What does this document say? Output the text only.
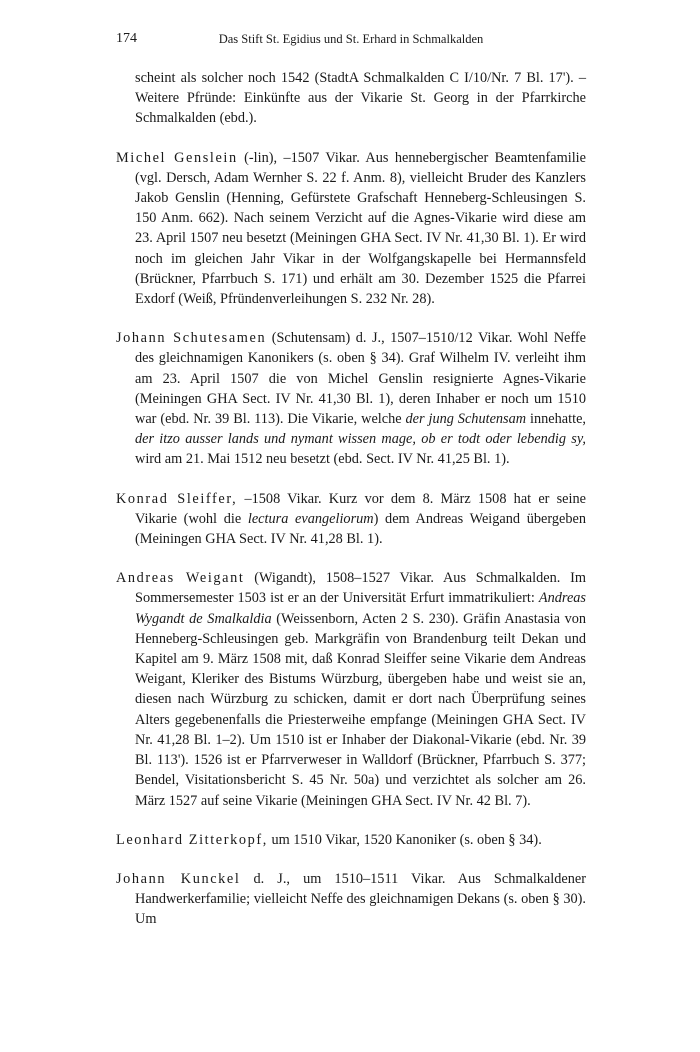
174	Das Stift St. Egidius und St. Erhard in Schmalkalden

scheint als solcher noch 1542 (StadtA Schmalkalden C I/10/Nr. 7 Bl. 17'). – Weitere Pfründe: Einkünfte aus der Vikarie St. Georg in der Pfarrkirche Schmalkalden (ebd.).

Michel Genslein (-lin), –1507 Vikar. Aus hennebergischer Beamtenfamilie (vgl. Dersch, Adam Wernher S. 22 f. Anm. 8), vielleicht Bruder des Kanzlers Jakob Genslin (Henning, Gefürstete Grafschaft Henneberg-Schleusingen S. 150 Anm. 662). Nach seinem Verzicht auf die Agnes-Vikarie wird diese am 23. April 1507 neu besetzt (Meiningen GHA Sect. IV Nr. 41,30 Bl. 1). Er wird noch im gleichen Jahr Vikar in der Wolfgangskapelle bei Hermannsfeld (Brückner, Pfarrbuch S. 171) und erhält am 30. Dezember 1525 die Pfarrei Exdorf (Weiß, Pfründenverleihungen S. 232 Nr. 28).

Johann Schutesamen (Schutensam) d. J., 1507–1510/12 Vikar. Wohl Neffe des gleichnamigen Kanonikers (s. oben § 34). Graf Wilhelm IV. verleiht ihm am 23. April 1507 die von Michel Genslin resignierte Agnes-Vikarie (Meiningen GHA Sect. IV Nr. 41,30 Bl. 1), deren Inhaber er noch um 1510 war (ebd. Nr. 39 Bl. 113). Die Vikarie, welche der jung Schutensam innehatte, der itzo ausser lands und nymant wissen mage, ob er todt oder lebendig sy, wird am 21. Mai 1512 neu besetzt (ebd. Sect. IV Nr. 41,25 Bl. 1).

Konrad Sleiffer, –1508 Vikar. Kurz vor dem 8. März 1508 hat er seine Vikarie (wohl die lectura evangeliorum) dem Andreas Weigand übergeben (Meiningen GHA Sect. IV Nr. 41,28 Bl. 1).

Andreas Weigant (Wigandt), 1508–1527 Vikar. Aus Schmalkalden. Im Sommersemester 1503 ist er an der Universität Erfurt immatrikuliert: Andreas Wygandt de Smalkaldia (Weissenborn, Acten 2 S. 230). Gräfin Anastasia von Henneberg-Schleusingen geb. Markgräfin von Brandenburg teilt Dekan und Kapitel am 9. März 1508 mit, daß Konrad Sleiffer seine Vikarie dem Andreas Weigant, Kleriker des Bistums Würzburg, übergeben habe und weist sie an, diesen nach Würzburg zu schicken, damit er dort nach Überprüfung seines Alters gegebenenfalls die Priesterweihe empfange (Meiningen GHA Sect. IV Nr. 41,28 Bl. 1–2). Um 1510 ist er Inhaber der Diakonal-Vikarie (ebd. Nr. 39 Bl. 113'). 1526 ist er Pfarrverweser in Walldorf (Brückner, Pfarrbuch S. 377; Bendel, Visitationsbericht S. 45 Nr. 50a) und verzichtet als solcher am 26. März 1527 auf seine Vikarie (Meiningen GHA Sect. IV Nr. 42 Bl. 7).

Leonhard Zitterkopf, um 1510 Vikar, 1520 Kanoniker (s. oben § 34).

Johann Kunckel d. J., um 1510–1511 Vikar. Aus Schmalkaldener Handwerkerfamilie; vielleicht Neffe des gleichnamigen Dekans (s. oben § 30). Um
